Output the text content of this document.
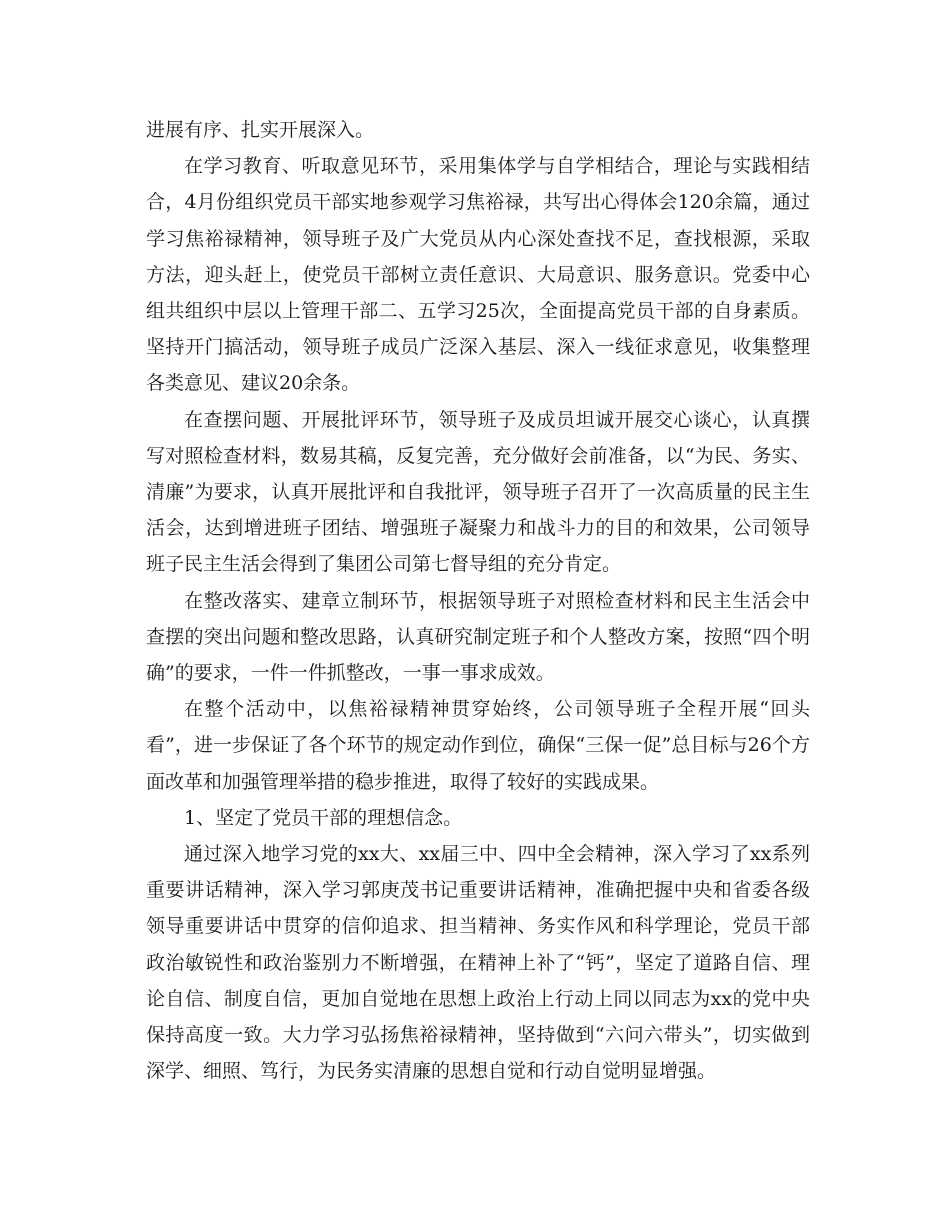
进展有序、扎实开展深入。

在学习教育、听取意见环节，采用集体学与自学相结合，理论与实践相结合，4月份组织党员干部实地参观学习焦裕禄，共写出心得体会120余篇，通过学习焦裕禄精神，领导班子及广大党员从内心深处查找不足，查找根源，采取方法，迎头赶上，使党员干部树立责任意识、大局意识、服务意识。党委中心组共组织中层以上管理干部二、五学习25次，全面提高党员干部的自身素质。坚持开门搞活动，领导班子成员广泛深入基层、深入一线征求意见，收集整理各类意见、建议20余条。

在查摆问题、开展批评环节，领导班子及成员坦诚开展交心谈心，认真撰写对照检查材料，数易其稿，反复完善，充分做好会前准备，以“为民、务实、清廉”为要求，认真开展批评和自我批评，领导班子召开了一次高质量的民主生活会，达到增进班子团结、增强班子凝聚力和战斗力的目的和效果，公司领导班子民主生活会得到了集团公司第七督导组的充分肯定。

在整改落实、建章立制环节，根据领导班子对照检查材料和民主生活会中查摆的突出问题和整改思路，认真研究制定班子和个人整改方案，按照“四个明确”的要求，一件一件抓整改，一事一事求成效。

在整个活动中，以焦裕禄精神贯穿始终，公司领导班子全程开展“回头看”，进一步保证了各个环节的规定动作到位，确保“三保一促”总目标与26个方面改革和加强管理举措的稳步推进，取得了较好的实践成果。

1、坚定了党员干部的理想信念。

通过深入地学习党的xx大、xx届三中、四中全会精神，深入学习了xx系列重要讲话精神，深入学习郭庚茂书记重要讲话精神，准确把握中央和省委各级领导重要讲话中贯穿的信仰追求、担当精神、务实作风和科学理论，党员干部政治敏锐性和政治鉴别力不断增强，在精神上补了“钙”，坚定了道路自信、理论自信、制度自信，更加自觉地在思想上政治上行动上同以同志为xx的党中央保持高度一致。大力学习弘扬焦裕禄精神，坚持做到“六问六带头”，切实做到深学、细照、笃行，为民务实清廉的思想自觉和行动自觉明显增强。
